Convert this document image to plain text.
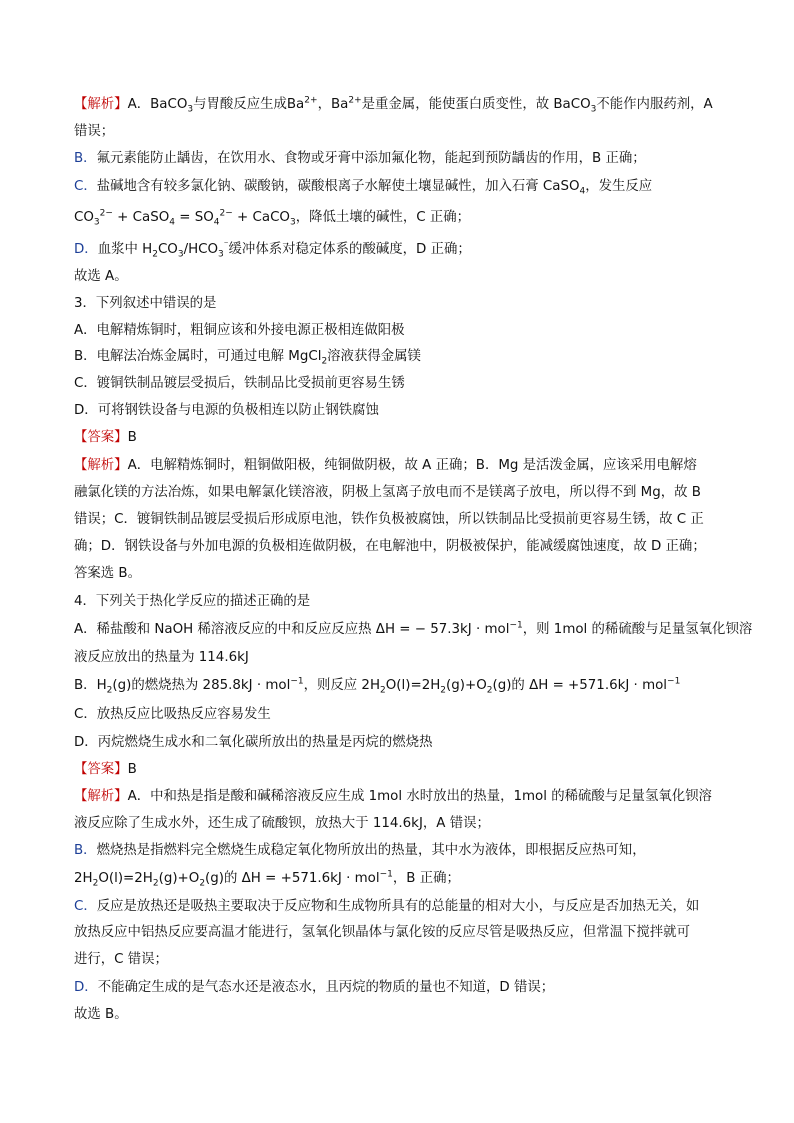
【解析】A．BaCO$_3$与胃酸反应生成$Ba^{2+}$，$Ba^{2+}$是重金属，能使蛋白质变性，故 BaCO$_3$不能作内服药剂，A
错误；
B．氟元素能防止龋齿，在饮用水、食物或牙膏中添加氟化物，能起到预防龋齿的作用，B 正确；
C．盐碱地含有较多氯化钠、碳酸钠，碳酸根离子水解使土壤显碱性，加入石膏 CaSO$_4$，发生反应
$CO_3^{2-}$ + CaSO$_4$ = $SO_4^{2-}$ + CaCO$_3$，降低土壤的碱性，C 正确；
D．血浆中 $H_2CO_3/HCO_3^{^-}$缓冲体系对稳定体系的酸碱度，D 正确；
故选 A。
3．下列叙述中错误的是
A．电解精炼铜时，粗铜应该和外接电源正极相连做阳极
B．电解法冶炼金属时，可通过电解 MgCl$_2$溶液获得金属镁
C．镀铜铁制品镀层受损后，铁制品比受损前更容易生锈
D．可将钢铁设备与电源的负极相连以防止钢铁腐蚀
【答案】B
【解析】A．电解精炼铜时，粗铜做阳极，纯铜做阴极，故 A 正确；B．Mg 是活泼金属，应该采用电解熔
融氯化镁的方法冶炼，如果电解氯化镁溶液，阴极上氢离子放电而不是镁离子放电，所以得不到 Mg，故 B
错误；C．镀铜铁制品镀层受损后形成原电池，铁作负极被腐蚀，所以铁制品比受损前更容易生锈，故 C 正
确；D．钢铁设备与外加电源的负极相连做阴极，在电解池中，阴极被保护，能减缓腐蚀速度，故 D 正确；
答案选 B。
4．下列关于热化学反应的描述正确的是
A．稀盐酸和 NaOH 稀溶液反应的中和反应反应热 ΔH = − 57.3kJ · mol$^{-1}$，则 1mol 的稀硫酸与足量氢氧化钡溶
液反应放出的热量为 114.6kJ
B．$H_2(g)$的燃烧热为 285.8kJ · mol$^{-1}$，则反应 $2H_2O(l)=2H_2(g)+O_2(g)$的 ΔH = +571.6kJ · mol$^{-1}$
C．放热反应比吸热反应容易发生
D．丙烷燃烧生成水和二氧化碳所放出的热量是丙烷的燃烧热
【答案】B
【解析】A．中和热是指是酸和碱稀溶液反应生成 1mol 水时放出的热量，1mol 的稀硫酸与足量氢氧化钡溶
液反应除了生成水外，还生成了硫酸钡，放热大于 114.6kJ，A 错误；
B．燃烧热是指燃料完全燃烧生成稳定氧化物所放出的热量，其中水为液体，即根据反应热可知，
$2H_2O(l)=2H_2(g)+O_2(g)$的 ΔH = +571.6kJ · mol$^{-1}$，B 正确；
C．反应是放热还是吸热主要取决于反应物和生成物所具有的总能量的相对大小，与反应是否加热无关，如
放热反应中铝热反应要高温才能进行，氢氧化钡晶体与氯化铵的反应尽管是吸热反应，但常温下搅拌就可
进行，C 错误；
D．不能确定生成的是气态水还是液态水，且丙烷的物质的量也不知道，D 错误；
故选 B。
